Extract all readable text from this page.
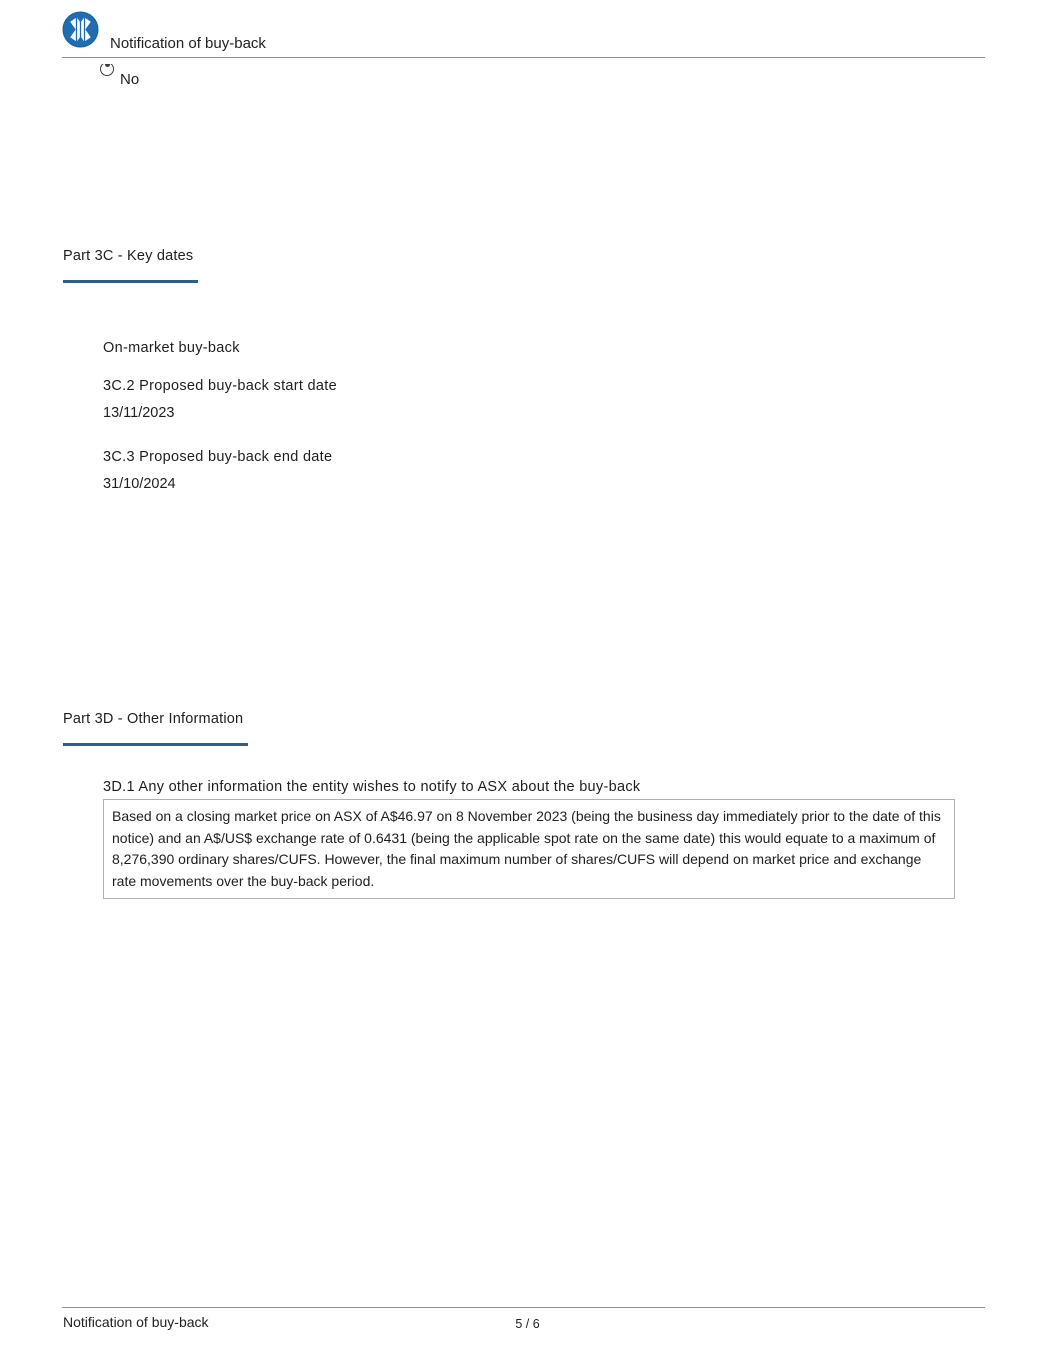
Notification of buy-back
No
Part 3C - Key dates
On-market buy-back
3C.2 Proposed buy-back start date
13/11/2023
3C.3 Proposed buy-back end date
31/10/2024
Part 3D - Other Information
3D.1 Any other information the entity wishes to notify to ASX about the buy-back
Based on a closing market price on ASX of A$46.97 on 8 November 2023 (being the business day immediately prior to the date of this notice) and an A$/US$ exchange rate of 0.6431 (being the applicable spot rate on the same date) this would equate to a maximum of 8,276,390 ordinary shares/CUFS. However, the final maximum number of shares/CUFS will depend on market price and exchange rate movements over the buy-back period.
Notification of buy-back	5 / 6
